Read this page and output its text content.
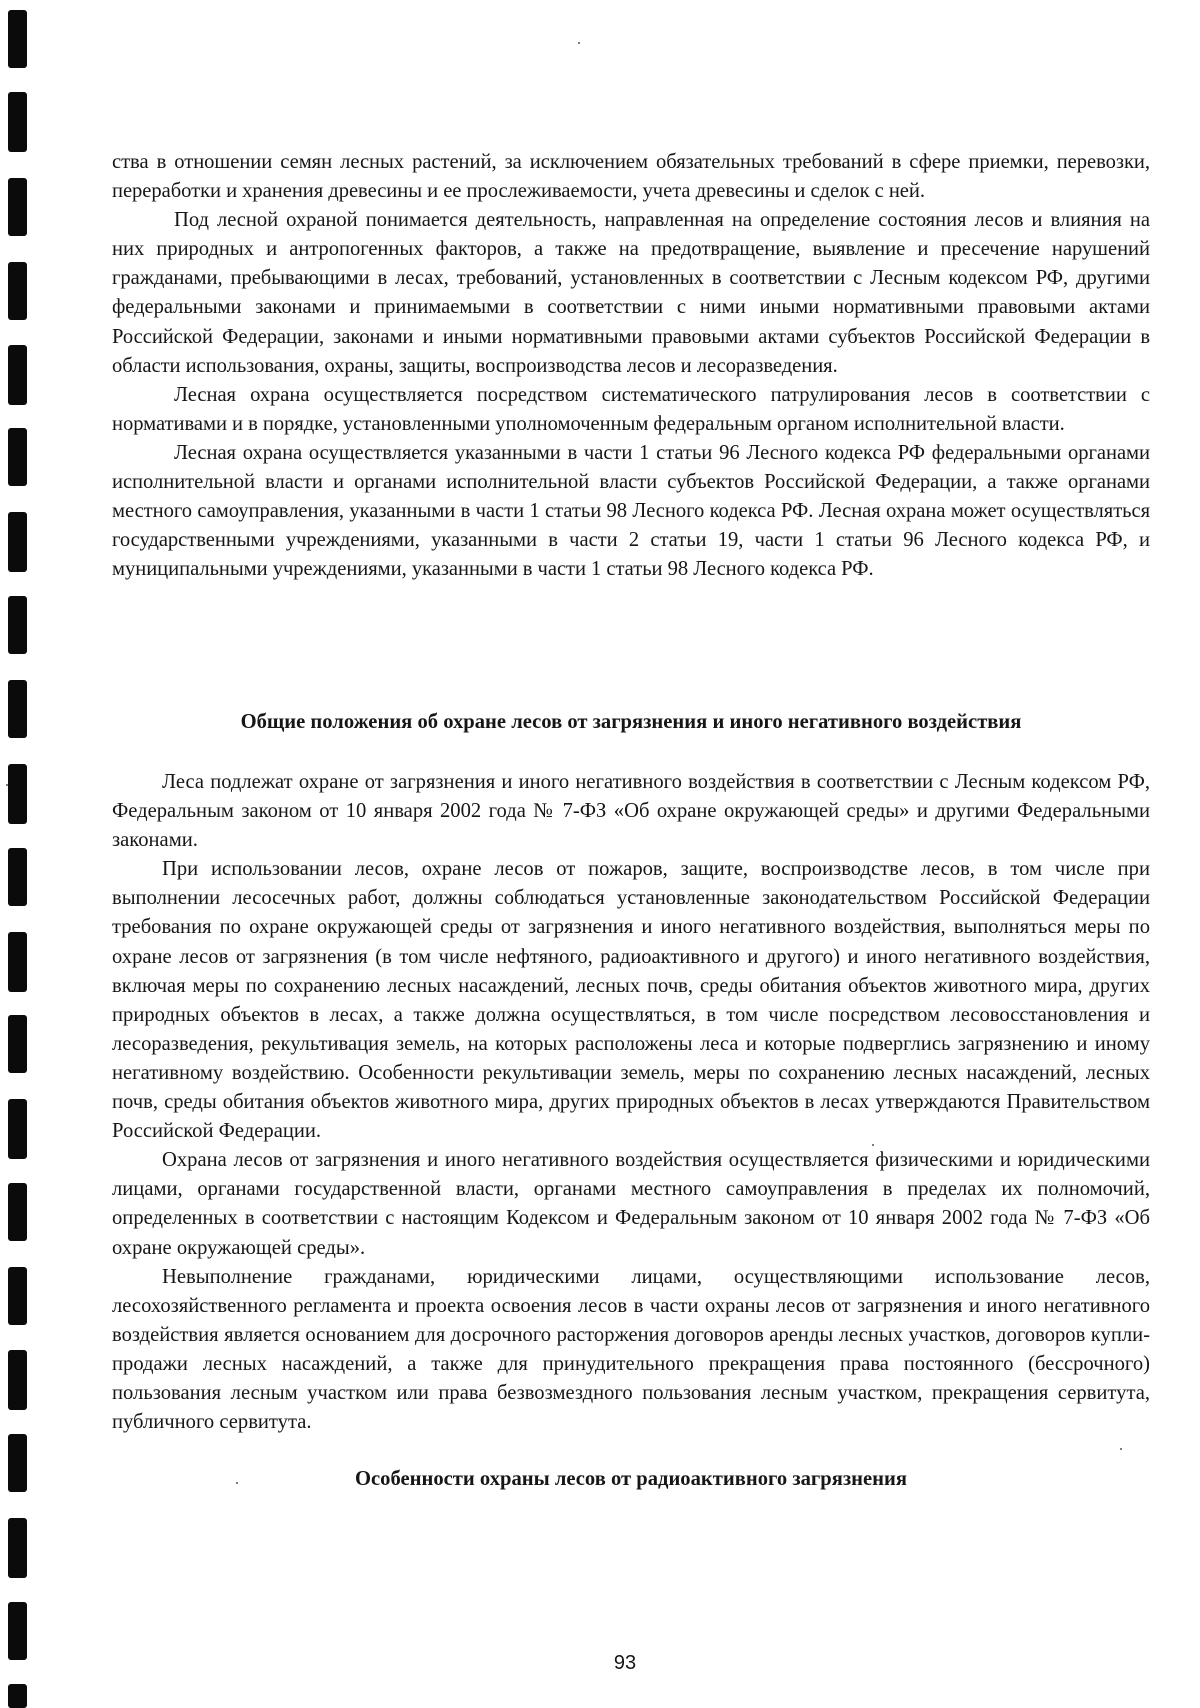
ства в отношении семян лесных растений, за исключением обязательных требований в сфере приемки, перевозки, переработки и хранения древесины и ее прослеживаемости, учета древесины и сделок с ней.

Под лесной охраной понимается деятельность, направленная на определение состояния лесов и влияния на них природных и антропогенных факторов, а также на предотвращение, выявление и пресечение нарушений гражданами, пребывающими в лесах, требований, установленных в соответствии с Лесным кодексом РФ, другими федеральными законами и принимаемыми в соответствии с ними иными нормативными правовыми актами Российской Федерации, законами и иными нормативными правовыми актами субъектов Российской Федерации в области использования, охраны, защиты, воспроизводства лесов и лесоразведения.

Лесная охрана осуществляется посредством систематического патрулирования лесов в соответствии с нормативами и в порядке, установленными уполномоченным федеральным органом исполнительной власти.

Лесная охрана осуществляется указанными в части 1 статьи 96 Лесного кодекса РФ федеральными органами исполнительной власти и органами исполнительной власти субъектов Российской Федерации, а также органами местного самоуправления, указанными в части 1 статьи 98 Лесного кодекса РФ. Лесная охрана может осуществляться государственными учреждениями, указанными в части 2 статьи 19, части 1 статьи 96 Лесного кодекса РФ, и муниципальными учреждениями, указанными в части 1 статьи 98 Лесного кодекса РФ.

Общие положения об охране лесов от загрязнения и иного негативного воздействия

Леса подлежат охране от загрязнения и иного негативного воздействия в соответствии с Лесным кодексом РФ, Федеральным законом от 10 января 2002 года № 7-ФЗ «Об охране окружающей среды» и другими Федеральными законами.

При использовании лесов, охране лесов от пожаров, защите, воспроизводстве лесов, в том числе при выполнении лесосечных работ, должны соблюдаться установленные законодательством Российской Федерации требования по охране окружающей среды от загрязнения и иного негативного воздействия, выполняться меры по охране лесов от загрязнения (в том числе нефтяного, радиоактивного и другого) и иного негативного воздействия, включая меры по сохранению лесных насаждений, лесных почв, среды обитания объектов животного мира, других природных объектов в лесах, а также должна осуществляться, в том числе посредством лесовосстановления и лесоразведения, рекультивация земель, на которых расположены леса и которые подверглись загрязнению и иному негативному воздействию. Особенности рекультивации земель, меры по сохранению лесных насаждений, лесных почв, среды обитания объектов животного мира, других природных объектов в лесах утверждаются Правительством Российской Федерации.

Охрана лесов от загрязнения и иного негативного воздействия осуществляется физическими и юридическими лицами, органами государственной власти, органами местного самоуправления в пределах их полномочий, определенных в соответствии с настоящим Кодексом и Федеральным законом от 10 января 2002 года № 7-ФЗ «Об охране окружающей среды».

Невыполнение гражданами, юридическими лицами, осуществляющими использование лесов, лесохозяйственного регламента и проекта освоения лесов в части охраны лесов от загрязнения и иного негативного воздействия является основанием для досрочного расторжения договоров аренды лесных участков, договоров купли-продажи лесных насаждений, а также для принудительного прекращения права постоянного (бессрочного) пользования лесным участком или права безвозмездного пользования лесным участком, прекращения сервитута, публичного сервитута.

Особенности охраны лесов от радиоактивного загрязнения
93
